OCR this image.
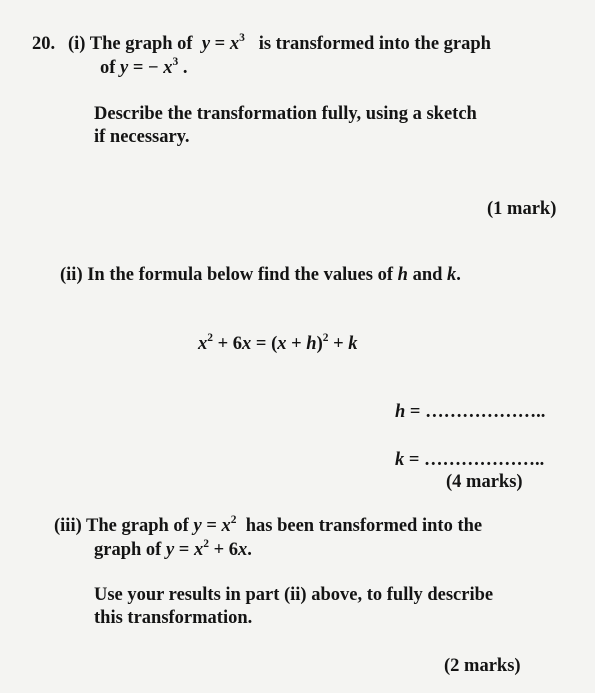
20. (i) The graph of $y = x^3$ is transformed into the graph
of y = − $x^3$ .
Describe the transformation fully, using a sketch
if necessary.
(1 mark)
(ii) In the formula below find the values of h and k.
$x^2 + 6x = (x + h)^2 + k$
h = ………………..
k = ………………..
(4 marks)
(iii) The graph of $y = x^2$ has been transformed into the
graph of $y = x^2 + 6x$.
Use your results in part (ii) above, to fully describe
this transformation.
(2 marks)
